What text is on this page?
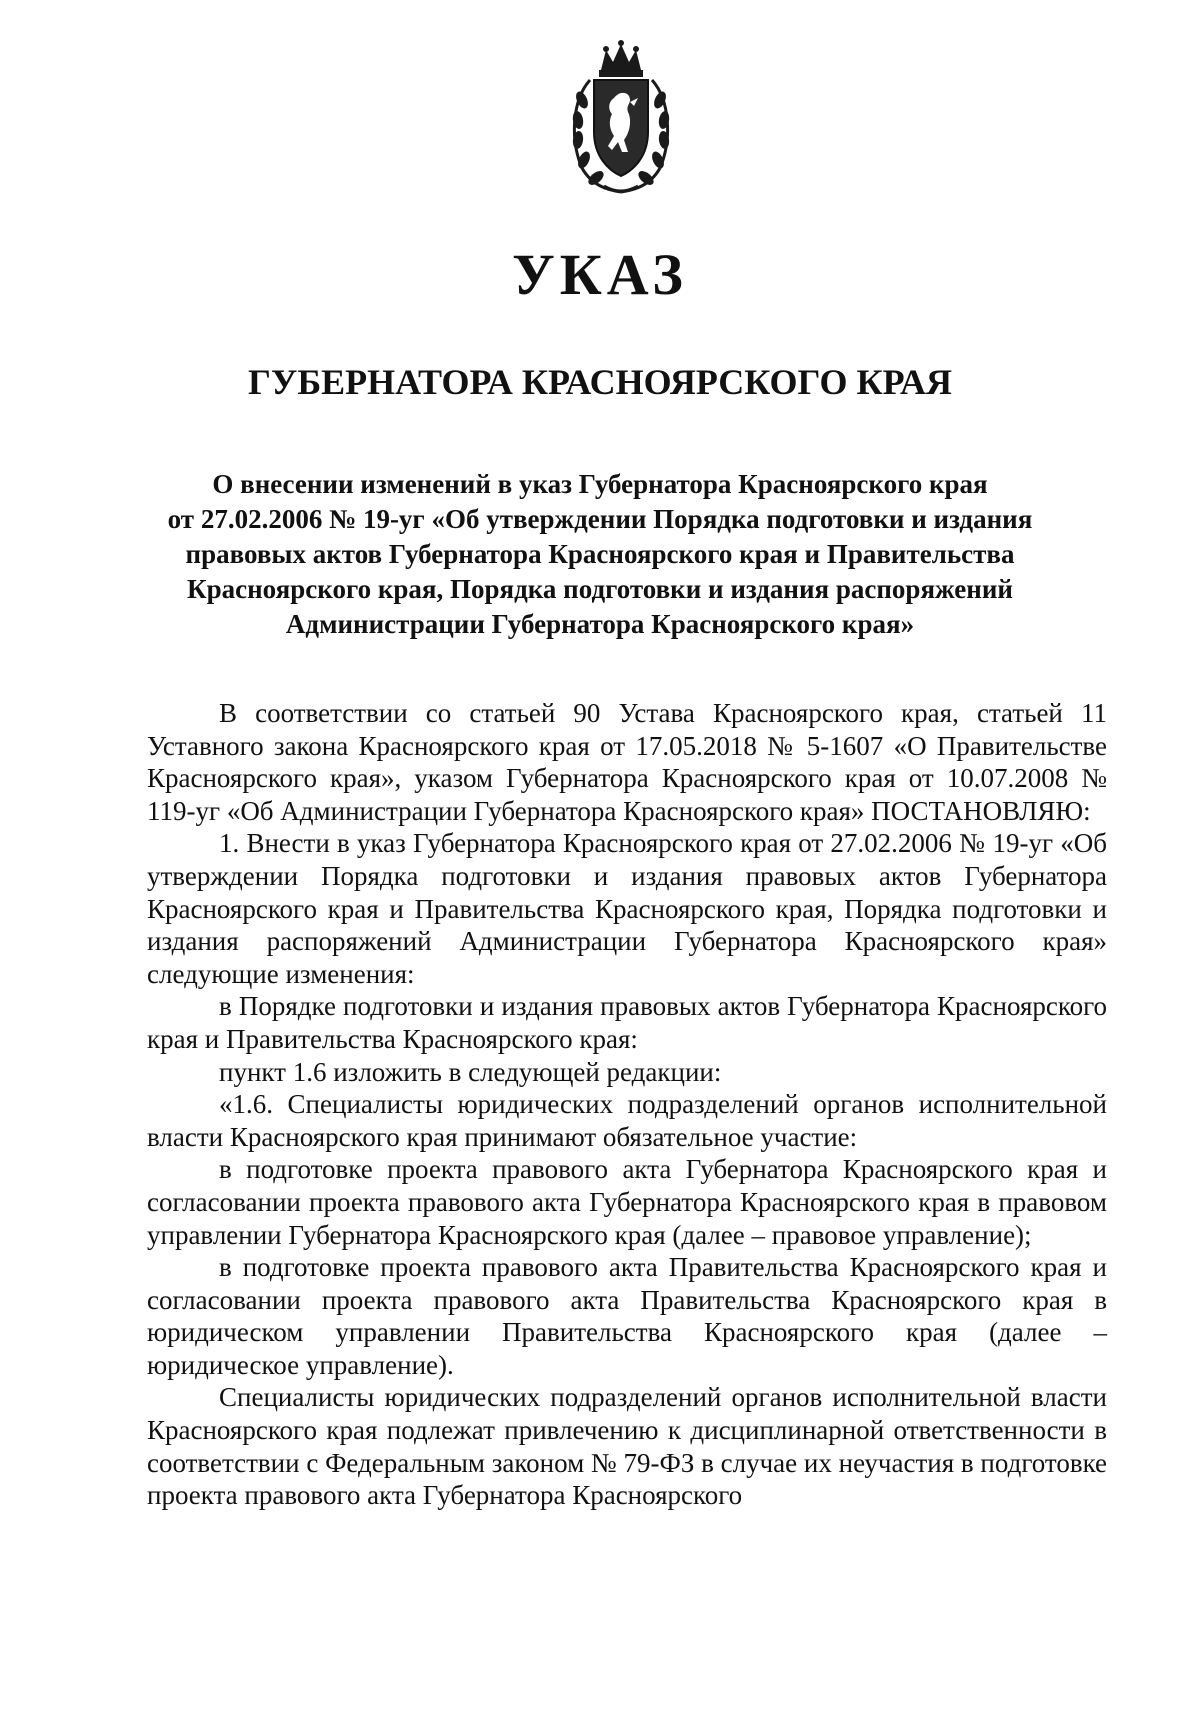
УКАЗ
ГУБЕРНАТОРА КРАСНОЯРСКОГО КРАЯ
О внесении изменений в указ Губернатора Красноярского края
от 27.02.2006 № 19-уг «Об утверждении Порядка подготовки и издания
правовых актов Губернатора Красноярского края и Правительства
Красноярского края, Порядка подготовки и издания распоряжений
Администрации Губернатора Красноярского края»

В соответствии со статьей 90 Устава Красноярского края, статьей 11 Уставного закона Красноярского края от 17.05.2018 № 5-1607 «О Правительстве Красноярского края», указом Губернатора Красноярского края от 10.07.2008 № 119-уг «Об Администрации Губернатора Красноярского края» ПОСТАНОВЛЯЮ:

1. Внести в указ Губернатора Красноярского края от 27.02.2006 № 19-уг «Об утверждении Порядка подготовки и издания правовых актов Губернатора Красноярского края и Правительства Красноярского края, Порядка подготовки и издания распоряжений Администрации Губернатора Красноярского края» следующие изменения:

в Порядке подготовки и издания правовых актов Губернатора Красноярского края и Правительства Красноярского края:

пункт 1.6 изложить в следующей редакции:

«1.6. Специалисты юридических подразделений органов исполнительной власти Красноярского края принимают обязательное участие:

в подготовке проекта правового акта Губернатора Красноярского края и согласовании проекта правового акта Губернатора Красноярского края в правовом управлении Губернатора Красноярского края (далее – правовое управление);

в подготовке проекта правового акта Правительства Красноярского края и согласовании проекта правового акта Правительства Красноярского края в юридическом управлении Правительства Красноярского края (далее – юридическое управление).

Специалисты юридических подразделений органов исполнительной власти Красноярского края подлежат привлечению к дисциплинарной ответственности в соответствии с Федеральным законом № 79-ФЗ в случае их неучастия в подготовке проекта правового акта Губернатора Красноярского
